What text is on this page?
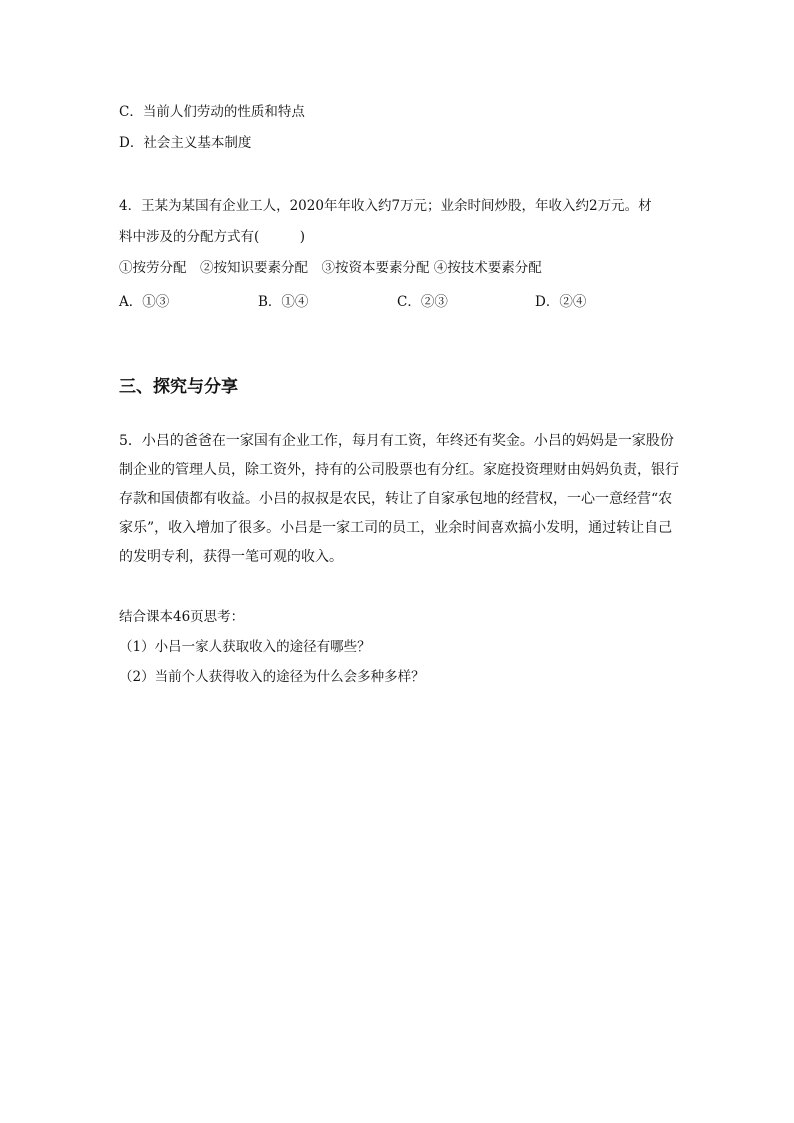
C．当前人们劳动的性质和特点
D．社会主义基本制度
4．王某为某国有企业工人，2020年年收入约7万元；业余时间炒股，年收入约2万元。材
料中涉及的分配方式有(　　　)
①按劳分配　②按知识要素分配　③按资本要素分配 ④按技术要素分配
A．①③	B．①④	C．②③	D．②④
三、探究与分享
5．小吕的爸爸在一家国有企业工作，每月有工资，年终还有奖金。小吕的妈妈是一家股份
制企业的管理人员，除工资外，持有的公司股票也有分红。家庭投资理财由妈妈负责，银行
存款和国债都有收益。小吕的叔叔是农民，转让了自家承包地的经营权，一心一意经营“农
家乐”，收入增加了很多。小吕是一家工司的员工，业余时间喜欢搞小发明，通过转让自己
的发明专利，获得一笔可观的收入。
结合课本46页思考：
（1）小吕一家人获取收入的途径有哪些？
（2）当前个人获得收入的途径为什么会多种多样？
